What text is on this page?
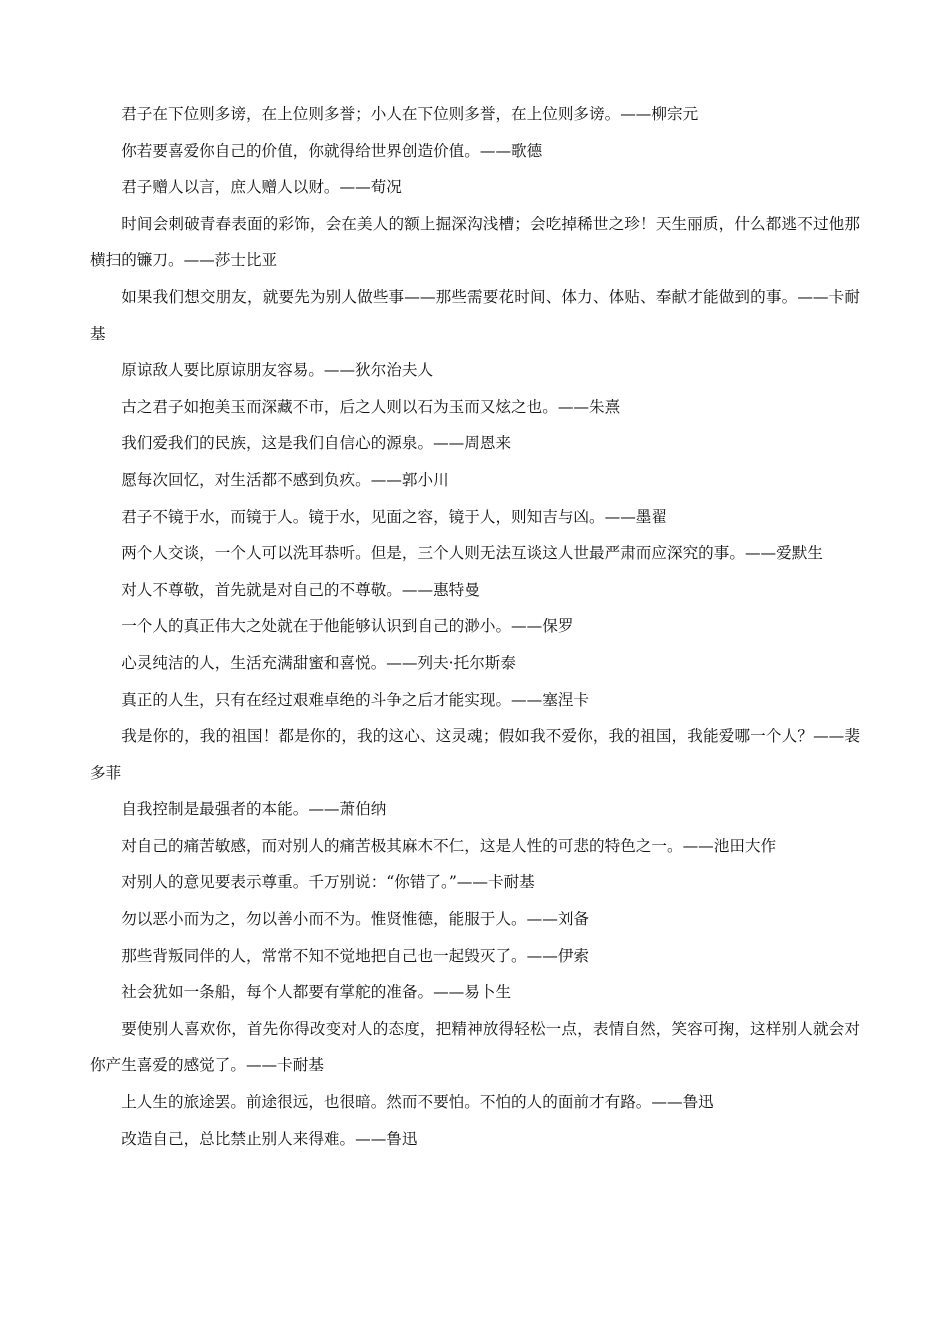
君子在下位则多谤，在上位则多誉；小人在下位则多誉，在上位则多谤。——柳宗元

你若要喜爱你自己的价值，你就得给世界创造价值。——歌德

君子赠人以言，庶人赠人以财。——荀况

时间会刺破青春表面的彩饰，会在美人的额上掘深沟浅槽；会吃掉稀世之珍！天生丽质，什么都逃不过他那横扫的镰刀。——莎士比亚

如果我们想交朋友，就要先为别人做些事——那些需要花时间、体力、体贴、奉献才能做到的事。——卡耐基

原谅敌人要比原谅朋友容易。——狄尔治夫人

古之君子如抱美玉而深藏不市，后之人则以石为玉而又炫之也。——朱熹

我们爱我们的民族，这是我们自信心的源泉。——周恩来

愿每次回忆，对生活都不感到负疚。——郭小川

君子不镜于水，而镜于人。镜于水，见面之容，镜于人，则知吉与凶。——墨翟

两个人交谈，一个人可以洗耳恭听。但是，三个人则无法互谈这人世最严肃而应深究的事。——爱默生

对人不尊敬，首先就是对自己的不尊敬。——惠特曼

一个人的真正伟大之处就在于他能够认识到自己的渺小。——保罗

心灵纯洁的人，生活充满甜蜜和喜悦。——列夫·托尔斯泰

真正的人生，只有在经过艰难卓绝的斗争之后才能实现。——塞涅卡

我是你的，我的祖国！都是你的，我的这心、这灵魂；假如我不爱你，我的祖国，我能爱哪一个人？——裴多菲

自我控制是最强者的本能。——萧伯纳

对自己的痛苦敏感，而对别人的痛苦极其麻木不仁，这是人性的可悲的特色之一。——池田大作

对别人的意见要表示尊重。千万别说：“你错了。”——卡耐基

勿以恶小而为之，勿以善小而不为。惟贤惟德，能服于人。——刘备

那些背叛同伴的人，常常不知不觉地把自己也一起毁灭了。——伊索

社会犹如一条船，每个人都要有掌舵的准备。——易卜生

要使别人喜欢你，首先你得改变对人的态度，把精神放得轻松一点，表情自然，笑容可掬，这样别人就会对你产生喜爱的感觉了。——卡耐基

上人生的旅途罢。前途很远，也很暗。然而不要怕。不怕的人的面前才有路。——鲁迅

改造自己，总比禁止别人来得难。——鲁迅
